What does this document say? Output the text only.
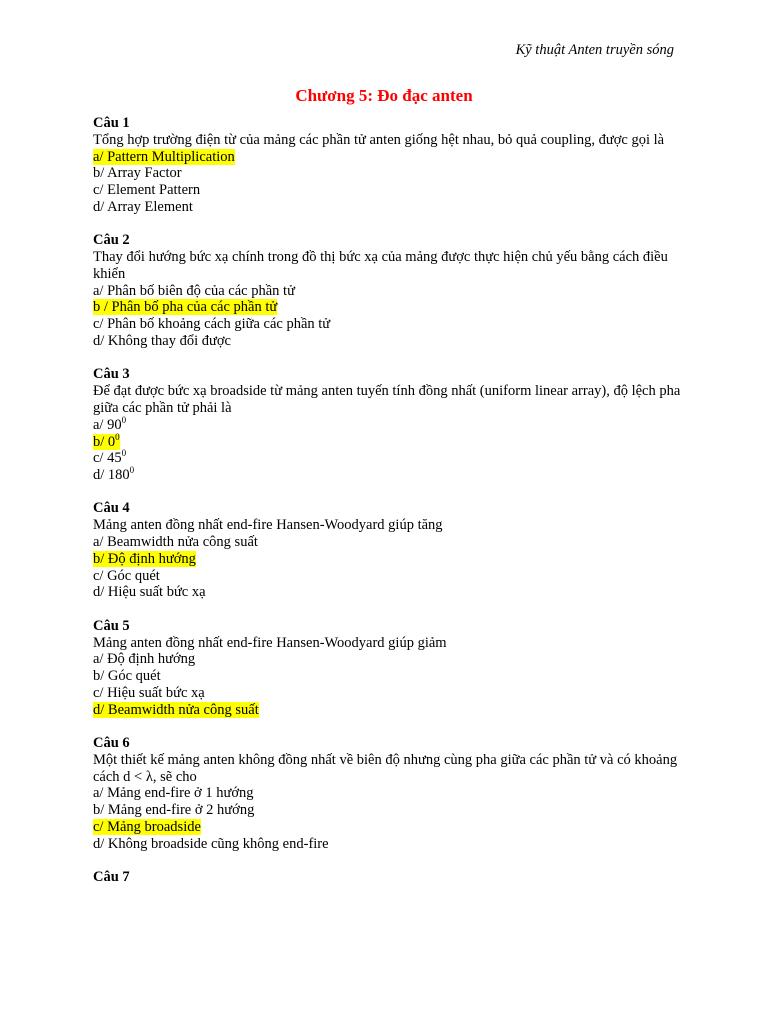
Kỹ thuật Anten truyền sóng
Chương 5: Đo đạc anten
Câu 1
Tổng hợp trường điện từ của mảng các phần tử anten giống hệt nhau, bỏ quả coupling, được gọi là
a/ Pattern Multiplication
b/ Array Factor
c/ Element Pattern
d/ Array Element
Câu 2
Thay đổi hướng bức xạ chính trong đồ thị bức xạ của mảng được thực hiện chủ yếu bằng cách điều khiển
a/ Phân bố biên độ của các phần tử
b / Phân bố pha của các phần tử
c/ Phân bố khoảng cách giữa các phần tử
d/ Không thay đổi được
Câu 3
Để đạt được bức xạ broadside từ mảng anten tuyến tính đồng nhất (uniform linear array), độ lệch pha giữa các phần tử phải là
a/ $90^0$
b/ $0^0$
c/ $45^0$
d/ $180^0$
Câu 4
Mảng anten đồng nhất end-fire Hansen-Woodyard giúp tăng
a/ Beamwidth nửa công suất
b/ Độ định hướng
c/ Góc quét
d/ Hiệu suất bức xạ
Câu 5
Mảng anten đồng nhất end-fire Hansen-Woodyard giúp giảm
a/ Độ định hướng
b/ Góc quét
c/ Hiệu suất bức xạ
d/ Beamwidth nửa công suất
Câu 6
Một thiết kế mảng anten không đồng nhất về biên độ nhưng cùng pha giữa các phần tử và có khoảng cách d < λ, sẽ cho
a/ Mảng end-fire ở 1 hướng
b/ Mảng end-fire ở 2 hướng
c/ Mảng broadside
d/ Không broadside cũng không end-fire
Câu 7
